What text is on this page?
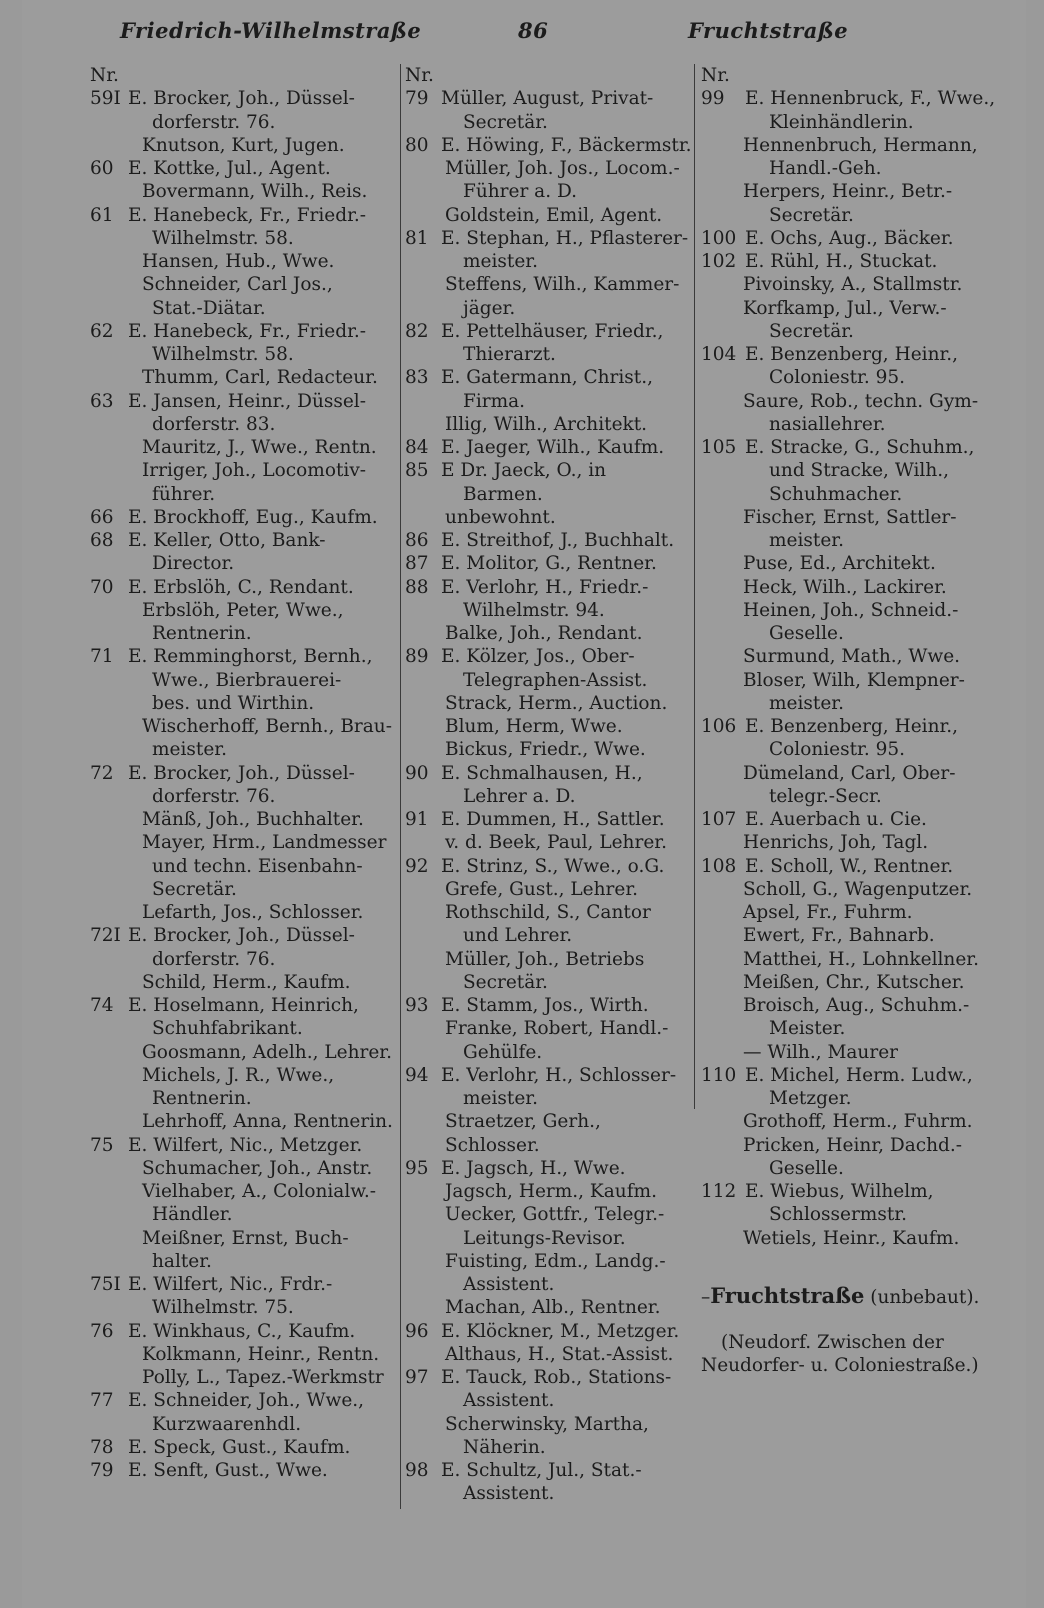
Friedrich-Wilhelmstraße	86	Fruchtstraße
Nr.
59I E. Brocker, Joh., Düssel-
dorferstr. 76.
Knutson, Kurt, Jugen.
60 E. Kottke, Jul., Agent.
Bovermann, Wilh., Reis.
61 E. Hanebeck, Fr., Friedr.-
Wilhelmstr. 58.
Hansen, Hub., Wwe.
Schneider, Carl Jos.,
Stat.-Diätar.
62 E. Hanebeck, Fr., Friedr.-
Wilhelmstr. 58.
Thumm, Carl, Redacteur.
63 E. Jansen, Heinr., Düssel-
dorferstr. 83.
Mauritz, J., Wwe., Rentn.
Irriger, Joh., Locomotiv-
führer.
66 E. Brockhoff, Eug., Kaufm.
68 E. Keller, Otto, Bank-
Director.
70 E. Erbslöh, C., Rendant.
Erbslöh, Peter, Wwe.,
Rentnerin.
71 E. Remminghorst, Bernh.,
Wwe., Bierbrauerei-
bes. und Wirthin.
Wischerhoff, Bernh., Brau-
meister.
72 E. Brocker, Joh., Düssel-
dorferstr. 76.
Mänß, Joh., Buchhalter.
Mayer, Hrm., Landmesser
und techn. Eisenbahn-
Secretär.
Lefarth, Jos., Schlosser.
72I E. Brocker, Joh., Düssel-
dorferstr. 76.
Schild, Herm., Kaufm.
74 E. Hoselmann, Heinrich,
Schuhfabrikant.
Goosmann, Adelh., Lehrer.
Michels, J. R., Wwe.,
Rentnerin.
Lehrhoff, Anna, Rentnerin.
75 E. Wilfert, Nic., Metzger.
Schumacher, Joh., Anstr.
Vielhaber, A., Colonialw.-
Händler.
Meißner, Ernst, Buch-
halter.
75I E. Wilfert, Nic., Frdr.-
Wilhelmstr. 75.
76 E. Winkhaus, C., Kaufm.
Kolkmann, Heinr., Rentn.
Polly, L., Tapez.-Werkmstr
77 E. Schneider, Joh., Wwe.,
Kurzwaarenhdl.
78 E. Speck, Gust., Kaufm.
79 E. Senft, Gust., Wwe.
Nr.
79 Müller, August, Privat-
Secretär.
80 E. Höwing, F., Bäckermstr.
Müller, Joh. Jos., Locom.-
Führer a. D.
Goldstein, Emil, Agent.
81 E. Stephan, H., Pflasterer-
meister.
Steffens, Wilh., Kammer-
jäger.
82 E. Pettelhäuser, Friedr.,
Thierarzt.
83 E. Gatermann, Christ.,
Firma.
Illig, Wilh., Architekt.
84 E. Jaeger, Wilh., Kaufm.
85 E Dr. Jaeck, O., in
Barmen.
unbewohnt.
86 E. Streithof, J., Buchhalt.
87 E. Molitor, G., Rentner.
88 E. Verlohr, H., Friedr.-
Wilhelmstr. 94.
Balke, Joh., Rendant.
89 E. Kölzer, Jos., Ober-
Telegraphen-Assist.
Strack, Herm., Auction.
Blum, Herm, Wwe.
Bickus, Friedr., Wwe.
90 E. Schmalhausen, H.,
Lehrer a. D.
91 E. Dummen, H., Sattler.
v. d. Beek, Paul, Lehrer.
92 E. Strinz, S., Wwe., o.G.
Grefe, Gust., Lehrer.
Rothschild, S., Cantor
und Lehrer.
Müller, Joh., Betriebs
Secretär.
93 E. Stamm, Jos., Wirth.
Franke, Robert, Handl.-
Gehülfe.
94 E. Verlohr, H., Schlosser-
meister.
Straetzer, Gerh., Schlosser.
95 E. Jagsch, H., Wwe.
Jagsch, Herm., Kaufm.
Uecker, Gottfr., Telegr.-
Leitungs-Revisor.
Fuisting, Edm., Landg.-
Assistent.
Machan, Alb., Rentner.
96 E. Klöckner, M., Metzger.
Althaus, H., Stat.-Assist.
97 E. Tauck, Rob., Stations-
Assistent.
Scherwinsky, Martha,
Näherin.
98 E. Schultz, Jul., Stat.-
Assistent.
Nr.
99	E. Hennenbruck, F., Wwe.,
Kleinhändlerin.
Hennenbruch, Hermann,
Handl.-Geh.
Herpers, Heinr., Betr.-
Secretär.
100 E. Ochs, Aug., Bäcker.
102 E. Rühl, H., Stuckat.
Pivoinsky, A., Stallmstr.
Korfkamp, Jul., Verw.-
Secretär.
104 E. Benzenberg, Heinr.,
Coloniestr. 95.
Saure, Rob., techn. Gym-
nasiallehrer.
105 E. Stracke, G., Schuhm.,
und Stracke, Wilh.,
Schuhmacher.
Fischer, Ernst, Sattler-
meister.
Puse, Ed., Architekt.
Heck, Wilh., Lackirer.
Heinen, Joh., Schneid.-
Geselle.
Surmund, Math., Wwe.
Bloser, Wilh, Klempner-
meister.
106 E. Benzenberg, Heinr.,
Coloniestr. 95.
Dümeland, Carl, Ober-
telegr.-Secr.
107 E. Auerbach u. Cie.
Henrichs, Joh, Tagl.
108 E. Scholl, W., Rentner.
Scholl, G., Wagenputzer.
Apsel, Fr., Fuhrm.
Ewert, Fr., Bahnarb.
Matthei, H., Lohnkellner.
Meißen, Chr., Kutscher.
Broisch, Aug., Schuhm.-
Meister.
— Wilh., Maurer
110 E. Michel, Herm. Ludw.,
Metzger.
Grothoff, Herm., Fuhrm.
Pricken, Heinr, Dachd.-
Geselle.
112 E. Wiebus, Wilhelm,
Schlossermstr.
Wetiels, Heinr., Kaufm.
–Fruchtstraße (unbebaut).
(Neudorf. Zwischen der
Neudorfer- u. Coloniestraße.)
